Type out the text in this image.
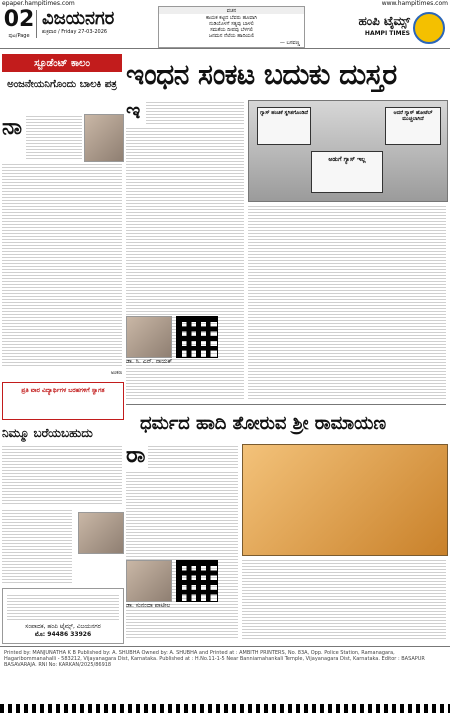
epaper.hampitimes.com	www.hampitimes.com
02
ಪುಟ/Page
ವಿಜಯನಗರ
ಶುಕ್ರವಾರ / Friday 27-03-2026
ವಚನ
ಕಾಯಕ ಕಟ್ಟಿದ ಬೆವರು ಹೂವಾಗಿ
ನುಡಿಯೊಳಗೆ ಸತ್ಯವು ಬಾಳಲಿ
ಸಮತೆಯ ದೀಪವು ಬೆಳಗಲಿ
ಜನಮನ ನೆಲೆಯ ಹಾದಿಯಲಿ
— ಬಸವಣ್ಣ
ಹಂಪಿ ಟೈಮ್ಸ್
HAMPI TIMES
ಸ್ಟೂಡೆಂಟ್ ಕಾಲಂ
ಅಂಜನೇಯನಿಗೊಂದು ಬಾಲಕಿ ಪತ್ರ
ನಾ
ಅಂಕಣ
ಪ್ರತಿ ವಾರ ವಿದ್ಯಾರ್ಥಿಗಳ ಬರಹಗಳಿಗೆ ಸ್ವಾಗತ
ನಿಮ್ಮೂ ಬರೆಯಬಹುದು
ಸಂಪಾದಕ, ಹಂಪಿ ಟೈಮ್ಸ್, ವಿಜಯನಗರ
ಮೊ: 94486 33926
ಇಂಧನ ಸಂಕಟ ಬದುಕು ದುಸ್ತರ
ಇ	ಗ್ಯಾಸ್ ಹಂಚಿಕೆ ಸ್ಥಗಿತಗೊಂಡಿದೆ	ಆದರೆ ಗ್ಯಾಸ್ ಹೋಟೆಲ್ ಮುಚ್ಚಲಾಗಿದೆ
ಅಡುಗೆ ಗ್ಯಾಸ್ ಇಲ್ಲ
ಡಾ. ಸಿ. ಎನ್. ನಾಯಕ್
ಧರ್ಮದ ಹಾದಿ ತೋರುವ ಶ್ರೀ ರಾಮಾಯಣ
ರಾ
ಡಾ. ಸುನಂದಾ ಪಾಟೀಲ
Printed by: MANJUNATHA K B Published by: A. SHUBHA Owned by: A. SHUBHA and Printed at : AMBITH PRINTERS, No. 83A, Opp. Police Station, Ramanagara, Hagaribommanahalli - 583212, Vijayanagara Dist, Karnataka. Published at : H.No.11-1-5 Near Banniamahankali Temple, Vijayanagara Dist, Karnataka. Editor : BASAPUR BASAVARAJA. RNI No: KARKAN/2025/86918
